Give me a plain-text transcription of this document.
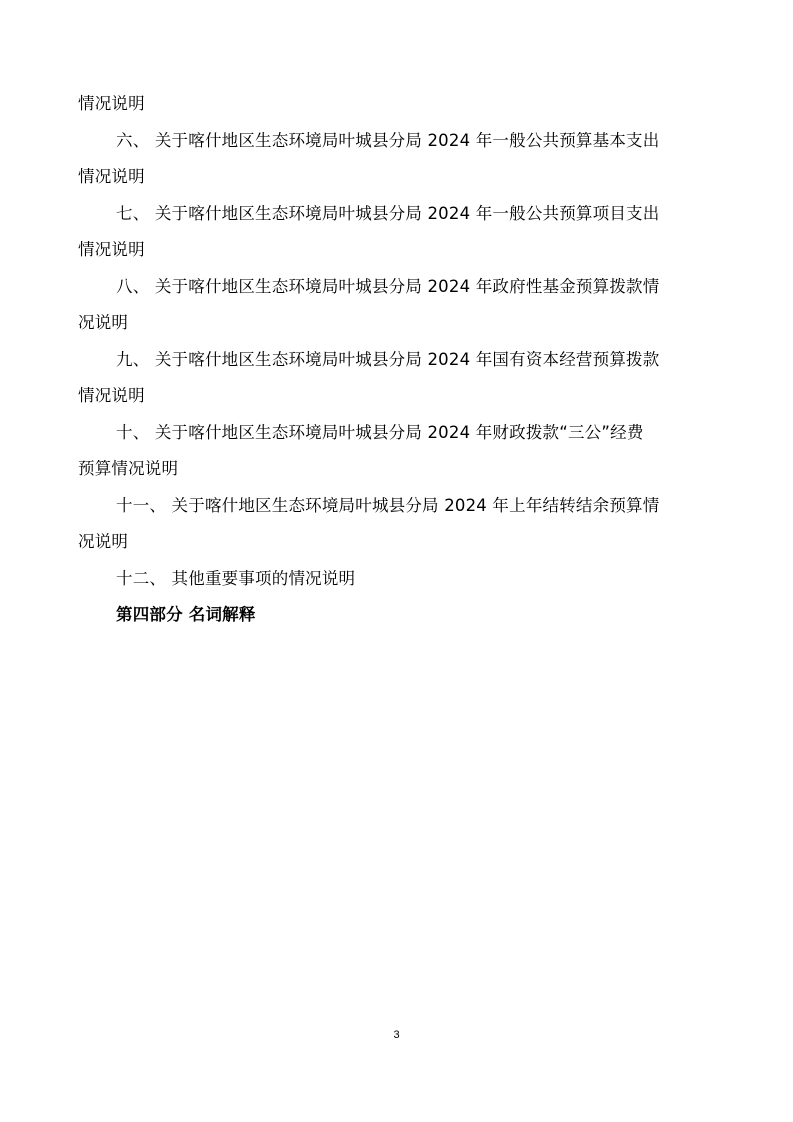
情况说明
六、 关于喀什地区生态环境局叶城县分局 2024 年一般公共预算基本支出
情况说明
七、 关于喀什地区生态环境局叶城县分局 2024 年一般公共预算项目支出
情况说明
八、 关于喀什地区生态环境局叶城县分局 2024 年政府性基金预算拨款情
况说明
九、 关于喀什地区生态环境局叶城县分局 2024 年国有资本经营预算拨款
情况说明
十、 关于喀什地区生态环境局叶城县分局 2024 年财政拨款“三公”经费
预算情况说明
十一、 关于喀什地区生态环境局叶城县分局 2024 年上年结转结余预算情
况说明
十二、 其他重要事项的情况说明
第四部分 名词解释
3
